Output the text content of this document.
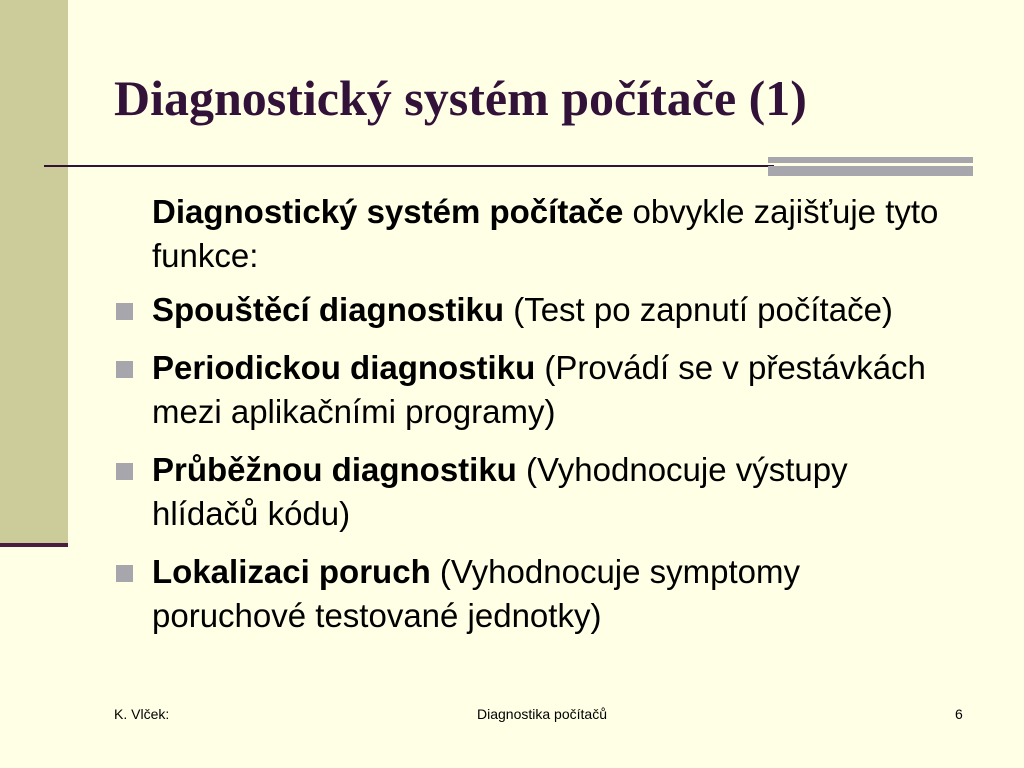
Diagnostický systém počítače (1)
Diagnostický systém počítače obvykle zajišťuje tyto funkce:
Spouštěcí diagnostiku (Test po zapnutí počítače)
Periodickou diagnostiku (Provádí se v přestávkách mezi aplikačními programy)
Průběžnou diagnostiku (Vyhodnocuje výstupy hlídačů kódu)
Lokalizaci poruch (Vyhodnocuje symptomy poruchové testované jednotky)
K. Vlček:	Diagnostika počítačů	6
